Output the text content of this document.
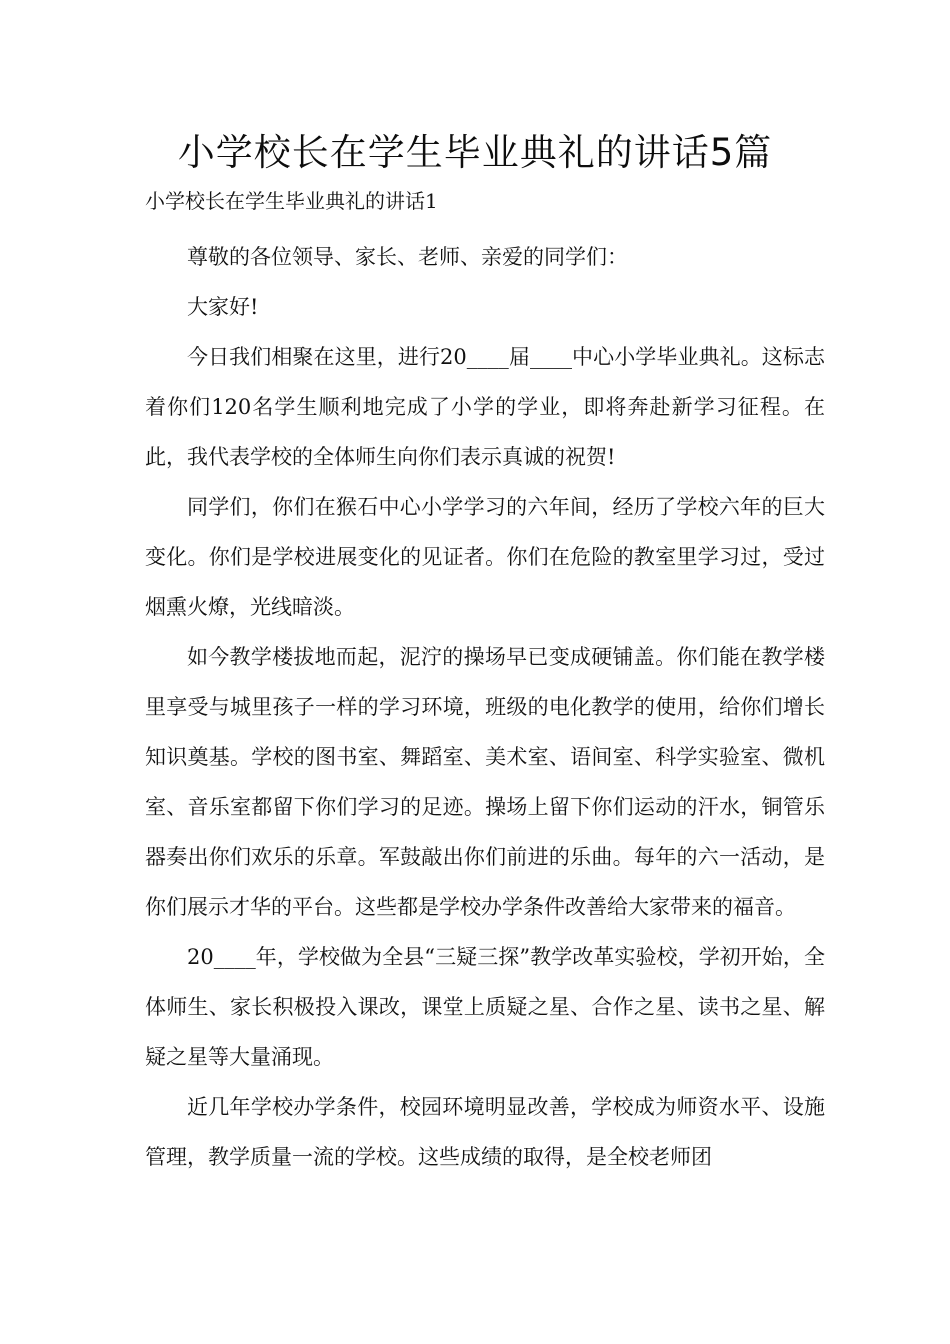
小学校长在学生毕业典礼的讲话5篇
小学校长在学生毕业典礼的讲话1

尊敬的各位领导、家长、老师、亲爱的同学们：

大家好!

今日我们相聚在这里，进行20____届____中心小学毕业典礼。这标志着你们120名学生顺利地完成了小学的学业，即将奔赴新学习征程。在此，我代表学校的全体师生向你们表示真诚的祝贺!

同学们，你们在猴石中心小学学习的六年间，经历了学校六年的巨大变化。你们是学校进展变化的见证者。你们在危险的教室里学习过，受过烟熏火燎，光线暗淡。

如今教学楼拔地而起，泥泞的操场早已变成硬铺盖。你们能在教学楼里享受与城里孩子一样的学习环境，班级的电化教学的使用，给你们增长知识奠基。学校的图书室、舞蹈室、美术室、语间室、科学实验室、微机室、音乐室都留下你们学习的足迹。操场上留下你们运动的汗水，铜管乐器奏出你们欢乐的乐章。军鼓敲出你们前进的乐曲。每年的六一活动，是你们展示才华的平台。这些都是学校办学条件改善给大家带来的福音。

20____年，学校做为全县“三疑三探”教学改革实验校，学初开始，全体师生、家长积极投入课改，课堂上质疑之星、合作之星、读书之星、解疑之星等大量涌现。

近几年学校办学条件，校园环境明显改善，学校成为师资水平、设施管理，教学质量一流的学校。这些成绩的取得，是全校老师团
